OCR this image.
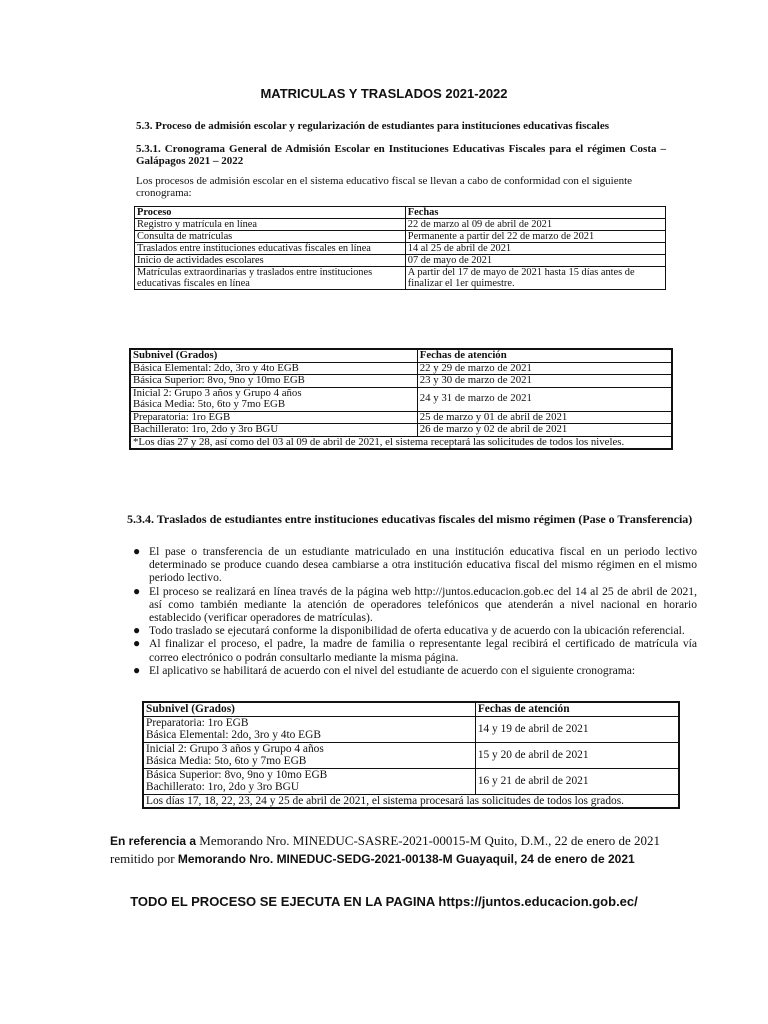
MATRICULAS Y TRASLADOS 2021-2022
5.3. Proceso de admisión escolar y regularización de estudiantes para instituciones educativas fiscales
5.3.1. Cronograma General de Admisión Escolar en Instituciones Educativas Fiscales para el régimen Costa – Galápagos 2021 – 2022
Los procesos de admisión escolar en el sistema educativo fiscal se llevan a cabo de conformidad con el siguiente cronograma:
Proceso	Fechas
Registro y matrícula en línea	22 de marzo al 09 de abril de 2021
Consulta de matrículas	Permanente a partir del 22 de marzo de 2021
Traslados entre instituciones educativas fiscales en línea	14 al 25 de abril de 2021
Inicio de actividades escolares	07 de mayo de 2021
Matrículas extraordinarias y traslados entre instituciones educativas fiscales en línea	A partir del 17 de mayo de 2021 hasta 15 días antes de finalizar el 1er quimestre.
Subnivel (Grados)	Fechas de atención
Básica Elemental: 2do, 3ro y 4to EGB	22 y 29 de marzo de 2021
Básica Superior: 8vo, 9no y 10mo EGB	23 y 30 de marzo de 2021
Inicial 2: Grupo 3 años y Grupo 4 años
Básica Media: 5to, 6to y 7mo EGB	24 y 31 de marzo de 2021
Preparatoria: 1ro EGB	25 de marzo y 01 de abril de 2021
Bachillerato: 1ro, 2do y 3ro BGU	26 de marzo y 02 de abril de 2021
*Los días 27 y 28, así como del 03 al 09 de abril de 2021, el sistema receptará las solicitudes de todos los niveles.	
5.3.4. Traslados de estudiantes entre instituciones educativas fiscales del mismo régimen (Pase o Transferencia)
● El pase o transferencia de un estudiante matriculado en una institución educativa fiscal en un periodo lectivo determinado se produce cuando desea cambiarse a otra institución educativa fiscal del mismo régimen en el mismo periodo lectivo.
● El proceso se realizará en línea través de la página web http://juntos.educacion.gob.ec del 14 al 25 de abril de 2021, así como también mediante la atención de operadores telefónicos que atenderán a nivel nacional en horario establecido (verificar operadores de matrículas).
● Todo traslado se ejecutará conforme la disponibilidad de oferta educativa y de acuerdo con la ubicación referencial.
● Al finalizar el proceso, el padre, la madre de familia o representante legal recibirá el certificado de matrícula vía correo electrónico o podrán consultarlo mediante la misma página.
● El aplicativo se habilitará de acuerdo con el nivel del estudiante de acuerdo con el siguiente cronograma:
Subnivel (Grados)	Fechas de atención
Preparatoria: 1ro EGB
Básica Elemental: 2do, 3ro y 4to EGB	14 y 19 de abril de 2021
Inicial 2: Grupo 3 años y Grupo 4 años
Básica Media: 5to, 6to y 7mo EGB	15 y 20 de abril de 2021
Básica Superior: 8vo, 9no y 10mo EGB
Bachillerato: 1ro, 2do y 3ro BGU	16 y 21 de abril de 2021
Los días 17, 18, 22, 23, 24 y 25 de abril de 2021, el sistema procesará las solicitudes de todos los grados.	
En referencia a Memorando Nro. MINEDUC-SASRE-2021-00015-M Quito, D.M., 22 de enero de 2021 remitido por Memorando Nro. MINEDUC-SEDG-2021-00138-M Guayaquil, 24 de enero de 2021
TODO EL PROCESO SE EJECUTA EN LA PAGINA https://juntos.educacion.gob.ec/
